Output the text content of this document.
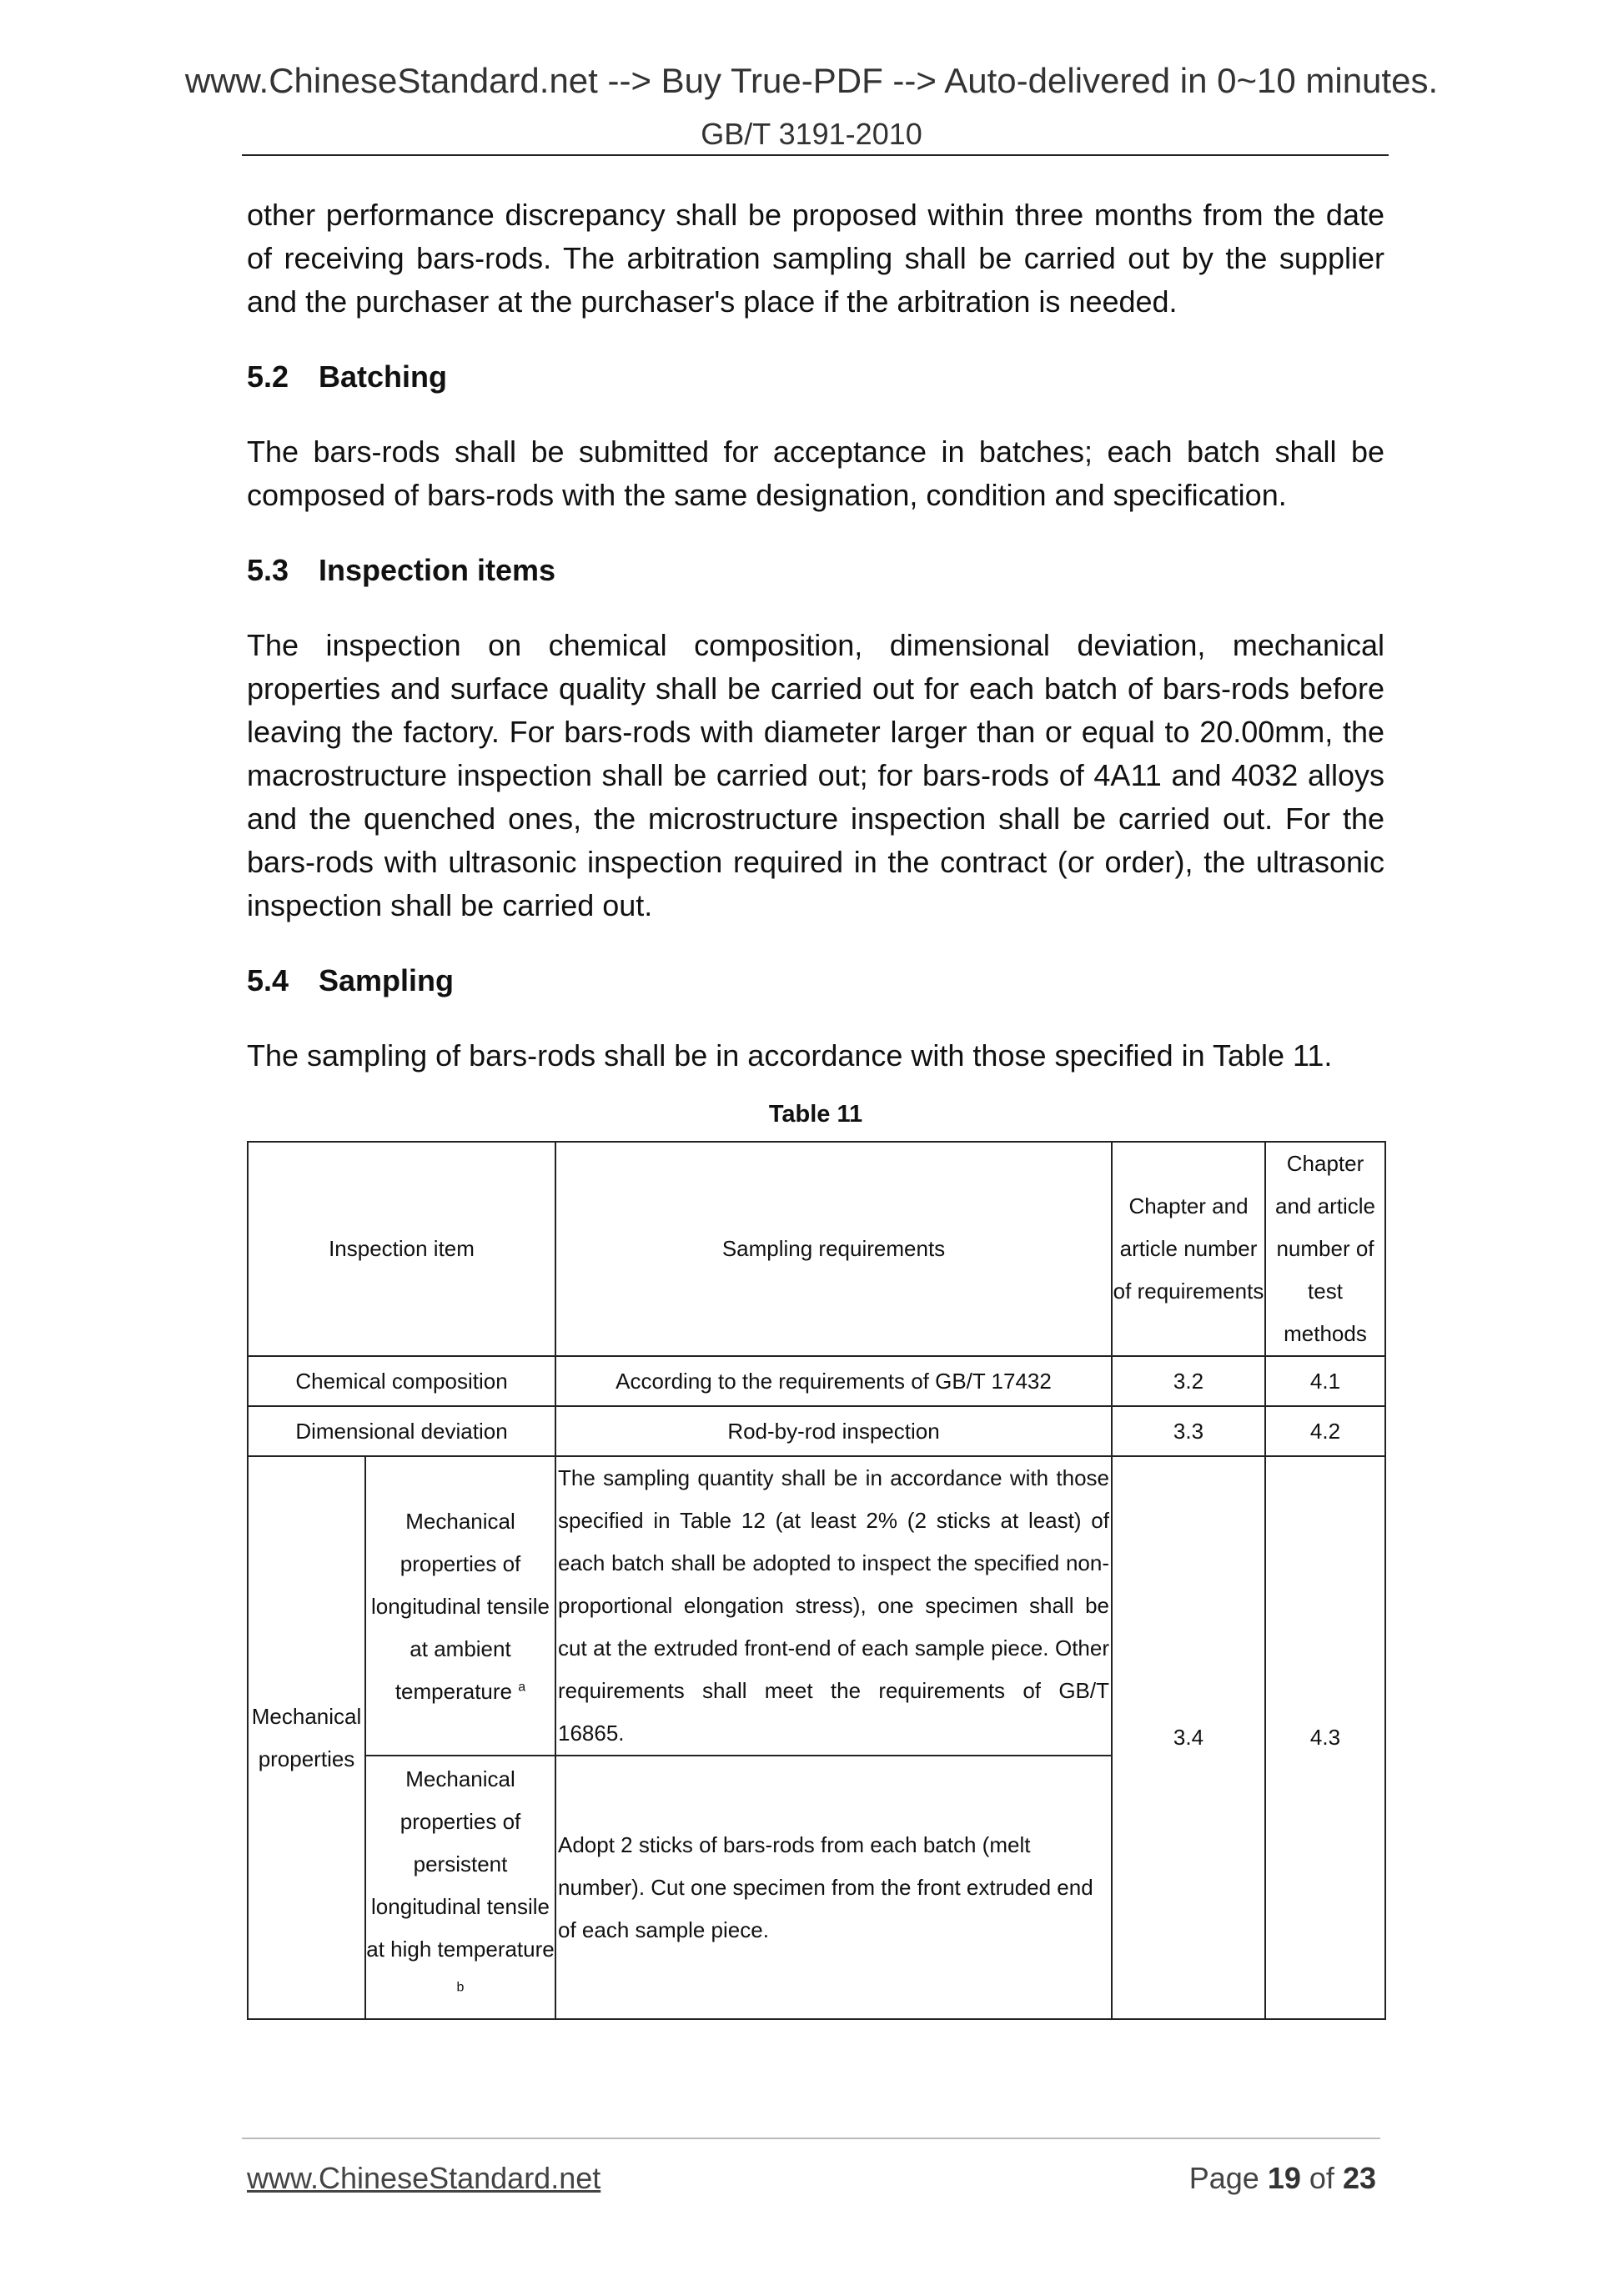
www.ChineseStandard.net --> Buy True-PDF --> Auto-delivered in 0~10 minutes.
GB/T 3191-2010

other performance discrepancy shall be proposed within three months from the date of receiving bars-rods. The arbitration sampling shall be carried out by the supplier and the purchaser at the purchaser's place if the arbitration is needed.

5.2 Batching

The bars-rods shall be submitted for acceptance in batches; each batch shall be composed of bars-rods with the same designation, condition and specification.

5.3 Inspection items

The inspection on chemical composition, dimensional deviation, mechanical properties and surface quality shall be carried out for each batch of bars-rods before leaving the factory. For bars-rods with diameter larger than or equal to 20.00mm, the macrostructure inspection shall be carried out; for bars-rods of 4A11 and 4032 alloys and the quenched ones, the microstructure inspection shall be carried out. For the bars-rods with ultrasonic inspection required in the contract (or order), the ultrasonic inspection shall be carried out.

5.4 Sampling

The sampling of bars-rods shall be in accordance with those specified in Table 11.

Table 11
Inspection item		Sampling requirements	Chapter and article number of requirements	Chapter and article number of test methods
Chemical composition		According to the requirements of GB/T 17432	3.2	4.1
Dimensional deviation		Rod-by-rod inspection	3.3	4.2
Mechanical properties	Mechanical properties of longitudinal tensile at ambient temperature $^a$	The sampling quantity shall be in accordance with those specified in Table 12 (at least 2% (2 sticks at least) of each batch shall be adopted to inspect the specified non-proportional elongation stress), one specimen shall be cut at the extruded front-end of each sample piece. Other requirements shall meet the requirements of GB/T 16865.	3.4	4.3
	Mechanical properties of persistent longitudinal tensile at high temperature $^b$	Adopt 2 sticks of bars-rods from each batch (melt number). Cut one specimen from the front extruded end of each sample piece.		
www.ChineseStandard.net	Page 19 of 23
